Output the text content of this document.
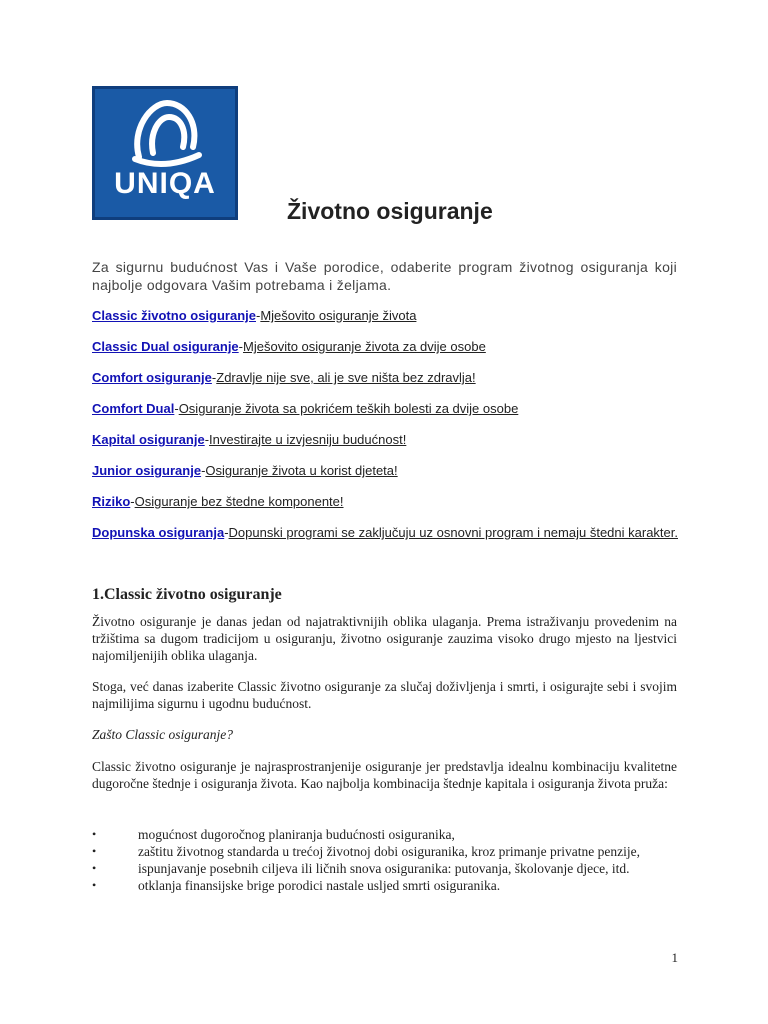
UNIQA
Životno osiguranje

Za sigurnu budućnost Vas i Vaše porodice, odaberite program životnog osiguranja koji najbolje odgovara Vašim potrebama i željama.

Classic životno osiguranje-Mješovito osiguranje života

Classic Dual osiguranje-Mješovito osiguranje života za dvije osobe

Comfort osiguranje-Zdravlje nije sve, ali je sve ništa bez zdravlja!

Comfort Dual-Osiguranje života sa pokrićem teških bolesti za dvije osobe

Kapital osiguranje-Investirajte u izvjesniju budućnost!

Junior osiguranje-Osiguranje života u korist djeteta!

Riziko-Osiguranje bez štedne komponente!

Dopunska osiguranja-Dopunski programi se zaključuju uz osnovni program i nemaju štedni karakter.

1.Classic životno osiguranje

Životno osiguranje je danas jedan od najatraktivnijih oblika ulaganja. Prema istraživanju provedenim na tržištima sa dugom tradicijom u osiguranju, životno osiguranje zauzima visoko drugo mjesto na ljestvici najomiljenijih oblika ulaganja.

Stoga, već danas izaberite Classic životno osiguranje za slučaj doživljenja i smrti, i osigurajte sebi i svojim najmilijima sigurnu i ugodnu budućnost.

Zašto Classic osiguranje?

Classic životno osiguranje je najrasprostranjenije osiguranje jer predstavlja idealnu kombinaciju kvalitetne dugoročne štednje i osiguranja života. Kao najbolja kombinacija štednje kapitala i osiguranja života pruža:

•	mogućnost dugoročnog planiranja budućnosti osiguranika,
•	zaštitu životnog standarda u trećoj životnoj dobi osiguranika, kroz primanje privatne penzije,
•	ispunjavanje posebnih ciljeva ili ličnih snova osiguranika: putovanja, školovanje djece, itd.
•	otklanja finansijske brige porodici nastale usljed smrti osiguranika.
1
